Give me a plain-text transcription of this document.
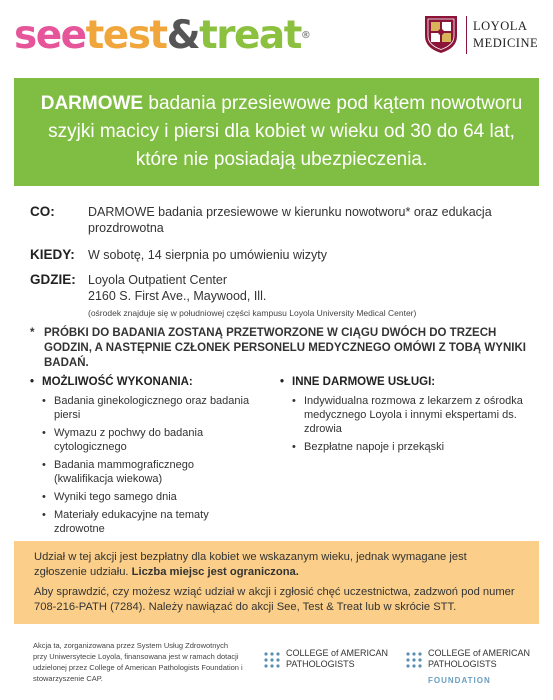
seetest&treat®
LOYOLA
MEDICINE

DARMOWE badania przesiewowe pod kątem nowotworu szyjki macicy i piersi dla kobiet w wieku od 30 do 64 lat, które nie posiadają ubezpieczenia.

CO:	DARMOWE badania przesiewowe w kierunku nowotworu* oraz edukacja prozdrowotna
KIEDY: W sobotę, 14 sierpnia po umówieniu wizyty
GDZIE: Loyola Outpatient Center
2160 S. First Ave., Maywood, Ill.
(ośrodek znajduje się w południowej części kampusu Loyola University Medical Center)
* PRÓBKI DO BADANIA ZOSTANĄ PRZETWORZONE W CIĄGU DWÓCH DO TRZECH GODZIN, A NASTĘPNIE CZŁONEK PERSONELU MEDYCZNEGO OMÓWI Z TOBĄ WYNIKI BADAŃ.
• MOŻLIWOŚĆ WYKONANIA:
• Badania ginekologicznego oraz badania piersi
• Wymazu z pochwy do badania cytologicznego
• Badania mammograficznego (kwalifikacja wiekowa)
• Wyniki tego samego dnia
• Materiały edukacyjne na tematy zdrowotne
• INNE DARMOWE USŁUGI:
• Indywidualna rozmowa z lekarzem z ośrodka medycznego Loyola i innymi ekspertami ds. zdrowia
• Bezpłatne napoje i przekąski

Udział w tej akcji jest bezpłatny dla kobiet we wskazanym wieku, jednak wymagane jest zgłoszenie udziału. Liczba miejsc jest ograniczona.

Aby sprawdzić, czy możesz wziąć udział w akcji i zgłosić chęć uczestnictwa, zadzwoń pod numer 708-216-PATH (7284). Należy nawiązać do akcji See, Test & Treat lub w skrócie STT.

Akcja ta, zorganizowana przez System Usług Zdrowotnych przy Uniwersytecie Loyola, finansowana jest w ramach dotacji udzielonej przez College of American Pathologists Foundation i stowarzyszenie CAP.
COLLEGE of AMERICAN
PATHOLOGISTS
COLLEGE of AMERICAN
PATHOLOGISTS
FOUNDATION
